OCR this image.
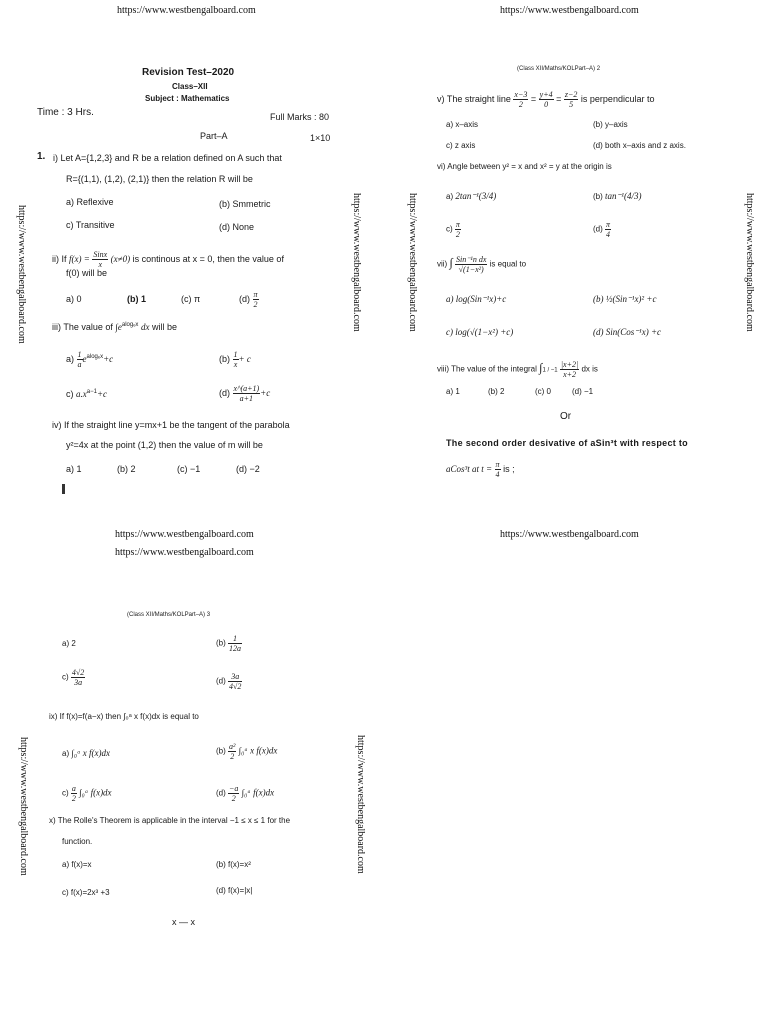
https://www.westbengalboard.com	https://www.westbengalboard.com
https://www.westbengalboard.com	https://www.westbengalboard.com	https://www.westbengalboard.com	https://www.westbengalboard.com
https://www.westbengalboard.com	https://www.westbengalboard.com
Revision Test–2020
Class–XII
Subject : Mathematics
Time : 3 Hrs.	Full Marks : 80
Part–A	1×10
1. i) Let A={1,2,3} and R be a relation defined on A such that
R={(1,1), (1,2), (2,1)} then the relation R will be
a) Reflexive	(b) Smmetric
c) Transitive	(d) None
ii) If $f(x) = \frac{\text{Sinx}}{x} (x\ne 0)$ is continous at x = 0, then the value of
f(0) will be
a) 0	(b) 1	(c) π	$(d) \frac{\pi}{2}$
iii) The value of $\int e^{alog_ex}$ dx will be
$a) \frac{1}{a} e^{alog_ex}+c$	$(b) \frac{1}{x} + c$
c) $a.x^{a-1}+c$	$(d) \frac{x\^{}(a+1)}{a+1} +c$
iv) If the straight line y=mx+1 be the tangent of the parabola
y²=4x at the point (1,2) then the value of m will be
a) 1	(b) 2	(c) −1	(d) −2
(Class XII/Maths/KOLPart–A) 2
v) The straight line $\frac{x-3}{2} = \frac{y+4}{0} = \frac{z-2}{5}$ is perpendicular to
a) x–axis	(b) y–axis
c) z axis	(d) both x–axis and z axis.
vi) Angle between y² = x and x² = y at the origin is
a) 2tan⁻¹(3/4)	(b) tan⁻¹(4/3)
$c) \frac{\pi}{2}$	$(d) \frac{\pi}{4}$
vii) ∫ $\frac{\text{Sin⁻¹n dx}}{\text{√(1−x²)}}$ is equal to
a) log(Sin⁻¹x)+c	(b) ½(Sin⁻¹x)² +c
c) log(√(1−x²) +c)	(d) Sin(Cos⁻¹x) +c
viii) The value of the integral $\int 1 / -1 \frac{|x+2|}{x+2}$ dx is
a) 1	(b) 2	(c) 0	(d) −1
Or
The second order desivative of aSin³t with respect to
aCos³t at $t = \frac{\pi}{4}$ is ;
https://www.westbengalboard.com	https://www.westbengalboard.com
https://www.westbengalboard.com
(Class XII/Maths/KOLPart–A) 3
a) 2	$(b) \frac{1}{12a}$
$c) \frac{4√2}{3a}$	$(d) \frac{3a}{4√2}$
ix) If f(x)=f(a−x) then ∫₀ᵃ x f(x)dx is equal to
a) ∫₀ᵃ x f(x)dx	$(b) \frac{\text{a²}}{2}$ ∫₀ᵃ x f(x)dx
$c) \frac{a}{2}$ ∫₀ᵃ f(x)dx	$(d) \frac{-a}{2}$ ∫₀ᵃ f(x)dx
x) The Rolle's Theorem is applicable in the interval −1 ≤ x ≤ 1 for the
function.
a) f(x)=x	(b) f(x)=x²
c) f(x)=2x³ +3	(d) f(x)=|x|
x — x
